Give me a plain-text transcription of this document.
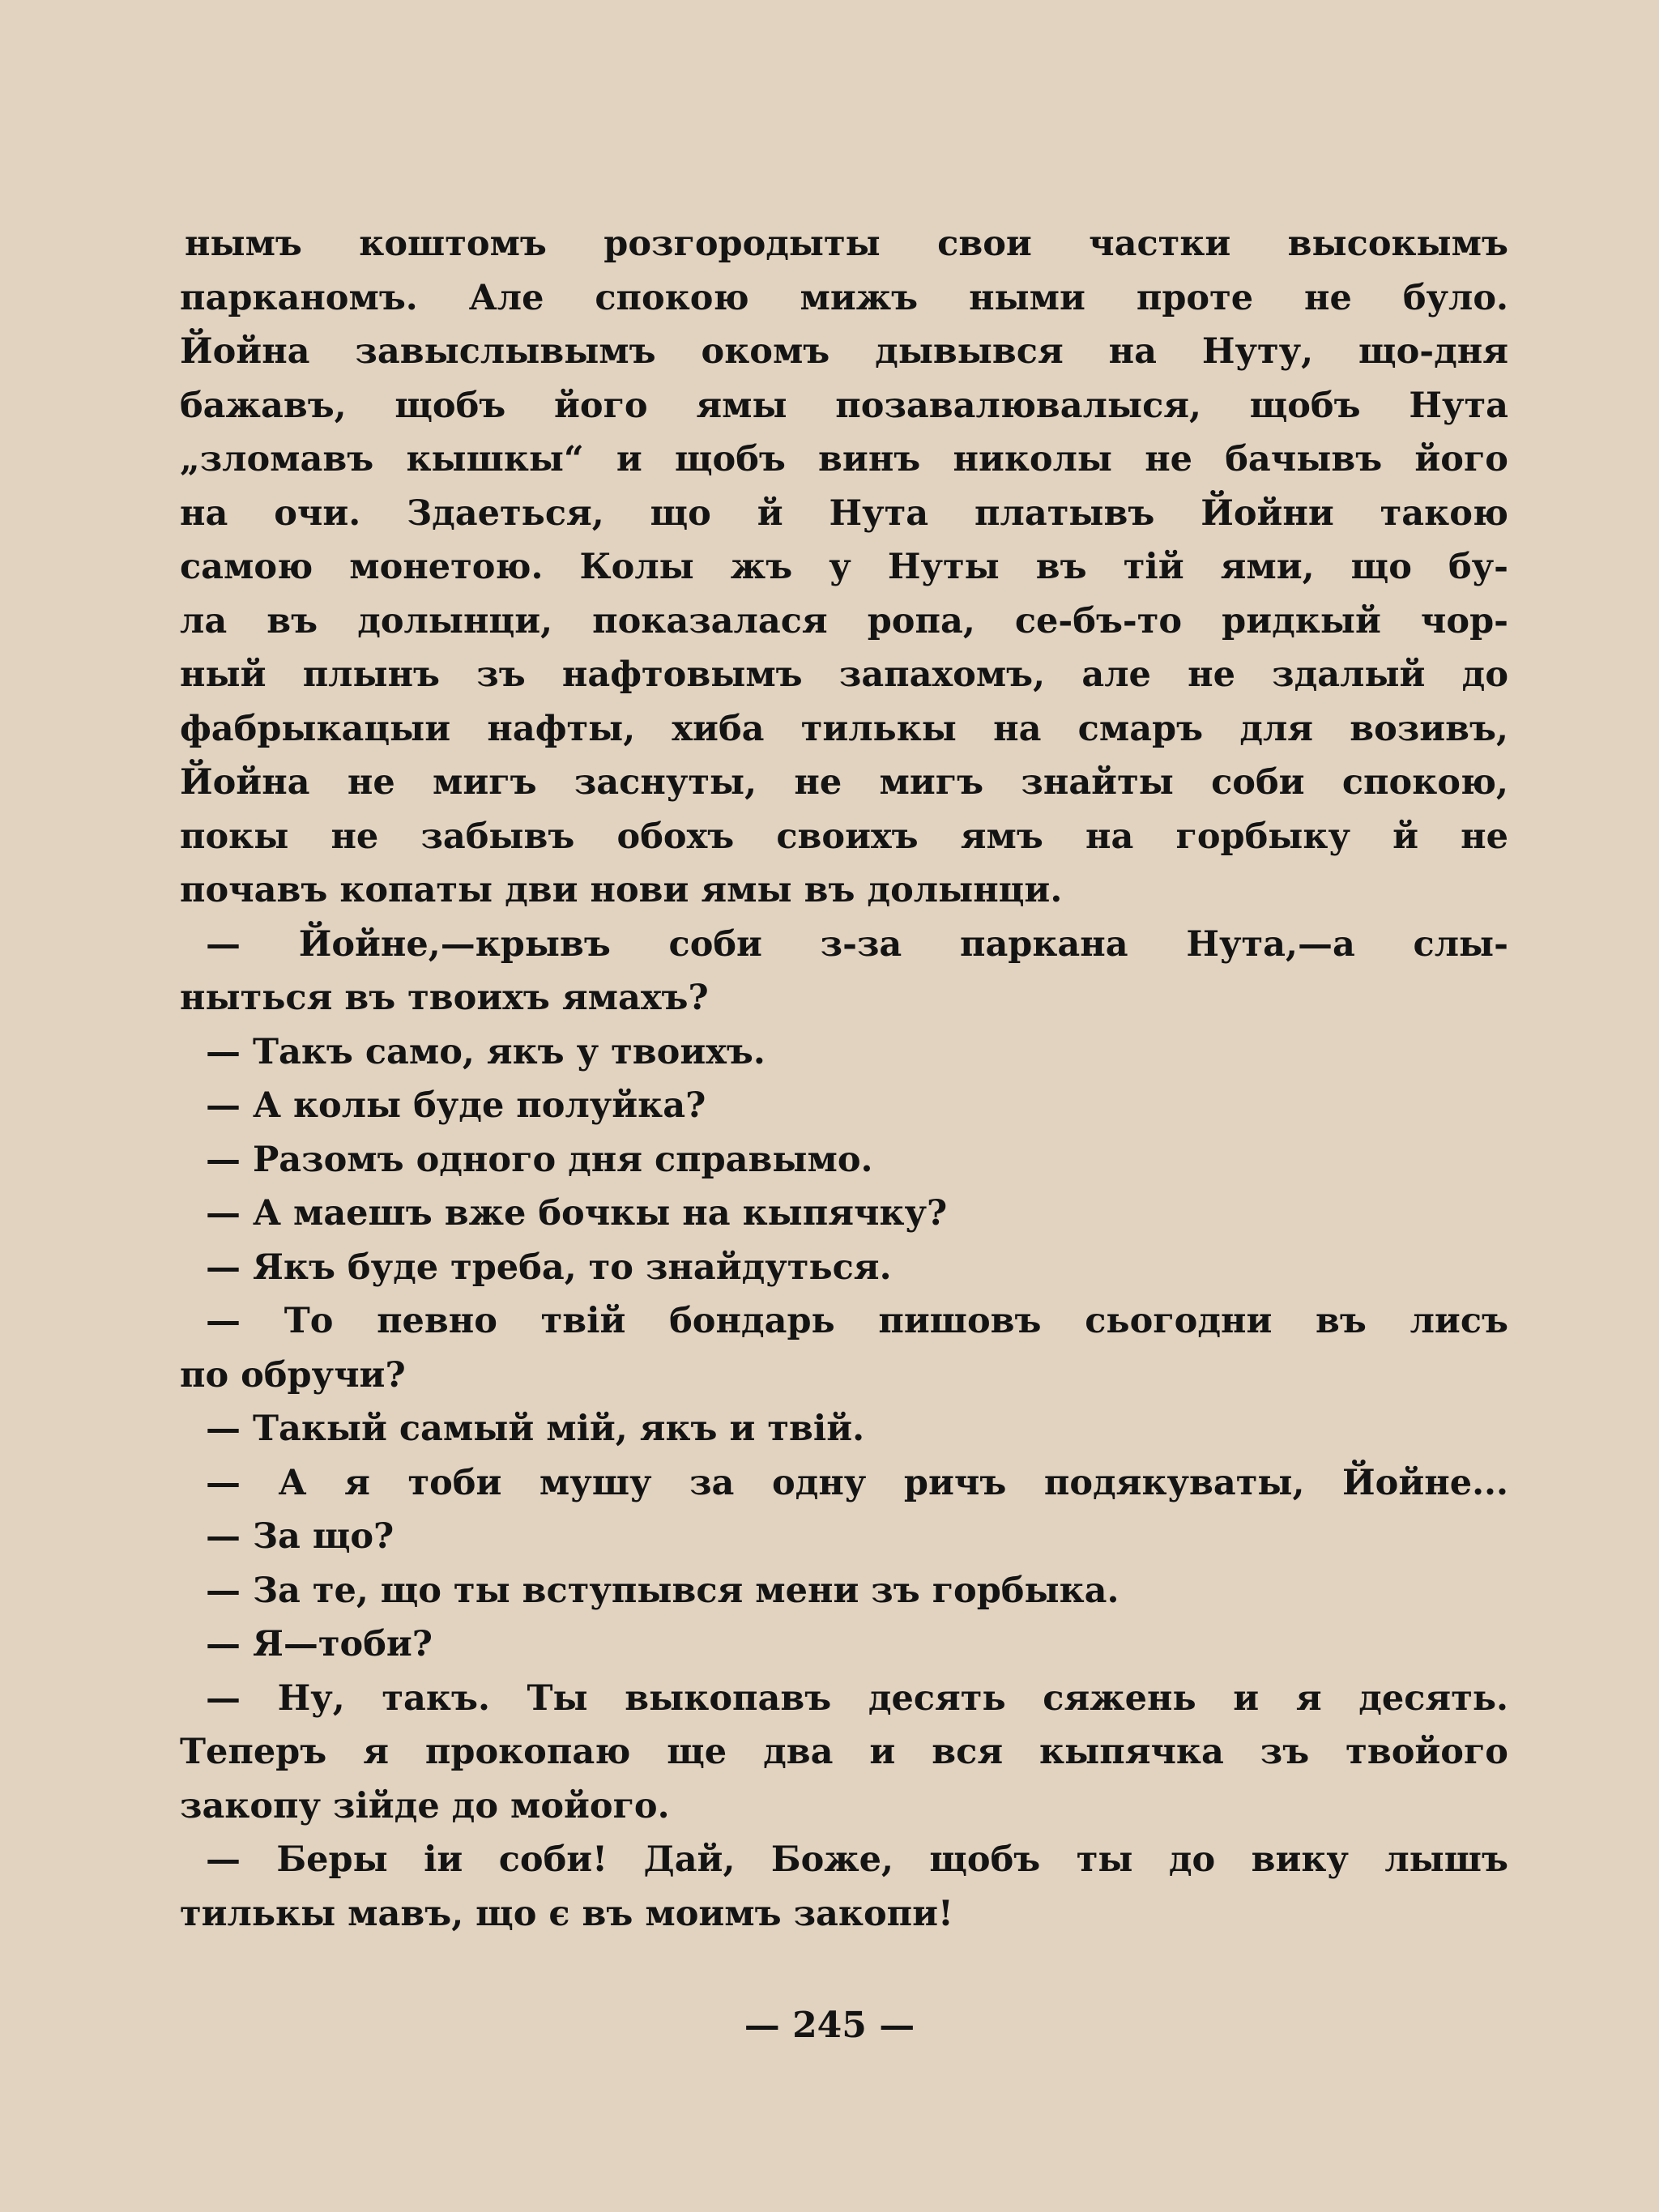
нымъ коштомъ розгородыты свои частки высокымъ
парканомъ. Але спокою мижъ ными проте не було.
Йойна завыслывымъ окомъ дывывся на Нуту, що-дня
бажавъ, щобъ його ямы позавалювалыся, щобъ Нута
„зломавъ кышкы“ и щобъ винъ николы не бачывъ його
на очи. Здаеться, що й Нута платывъ Йойни такою
самою монетою. Колы жъ у Нуты въ тій ями, що бу-
ла въ долынци, показалася ропа, се-бъ-то ридкый чор-
ный плынъ зъ нафтовымъ запахомъ, але не здалый до
фабрыкацыи нафты, хиба тилькы на смаръ для возивъ,
Йойна не мигъ заснуты, не мигъ знайты соби спокою,
покы не забывъ обохъ своихъ ямъ на горбыку й не
почавъ копаты дви нови ямы въ долынци.
— Йойне,—крывъ соби з-за паркана Нута,—а слы-
ныться въ твоихъ ямахъ?
— Такъ само, якъ у твоихъ.
— А колы буде полуйка?
— Разомъ одного дня справымо.
— А маешъ вже бочкы на кыпячку?
— Якъ буде треба, то знайдуться.
— То певно твій бондарь пишовъ сьогодни въ лисъ
по обручи?
— Такый самый мій, якъ и твій.
— А я тоби мушу за одну ричъ подякуваты, Йойне...
— За що?
— За те, що ты вступывся мени зъ горбыка.
— Я—тоби?
— Ну, такъ. Ты выкопавъ десять сяжень и я десять.
Теперъ я прокопаю ще два и вся кыпячка зъ твойого
закопу зійде до мойого.
— Беры іи соби! Дай, Боже, щобъ ты до вику лышъ
тилькы мавъ, що є въ моимъ закопи!
— 245 —
